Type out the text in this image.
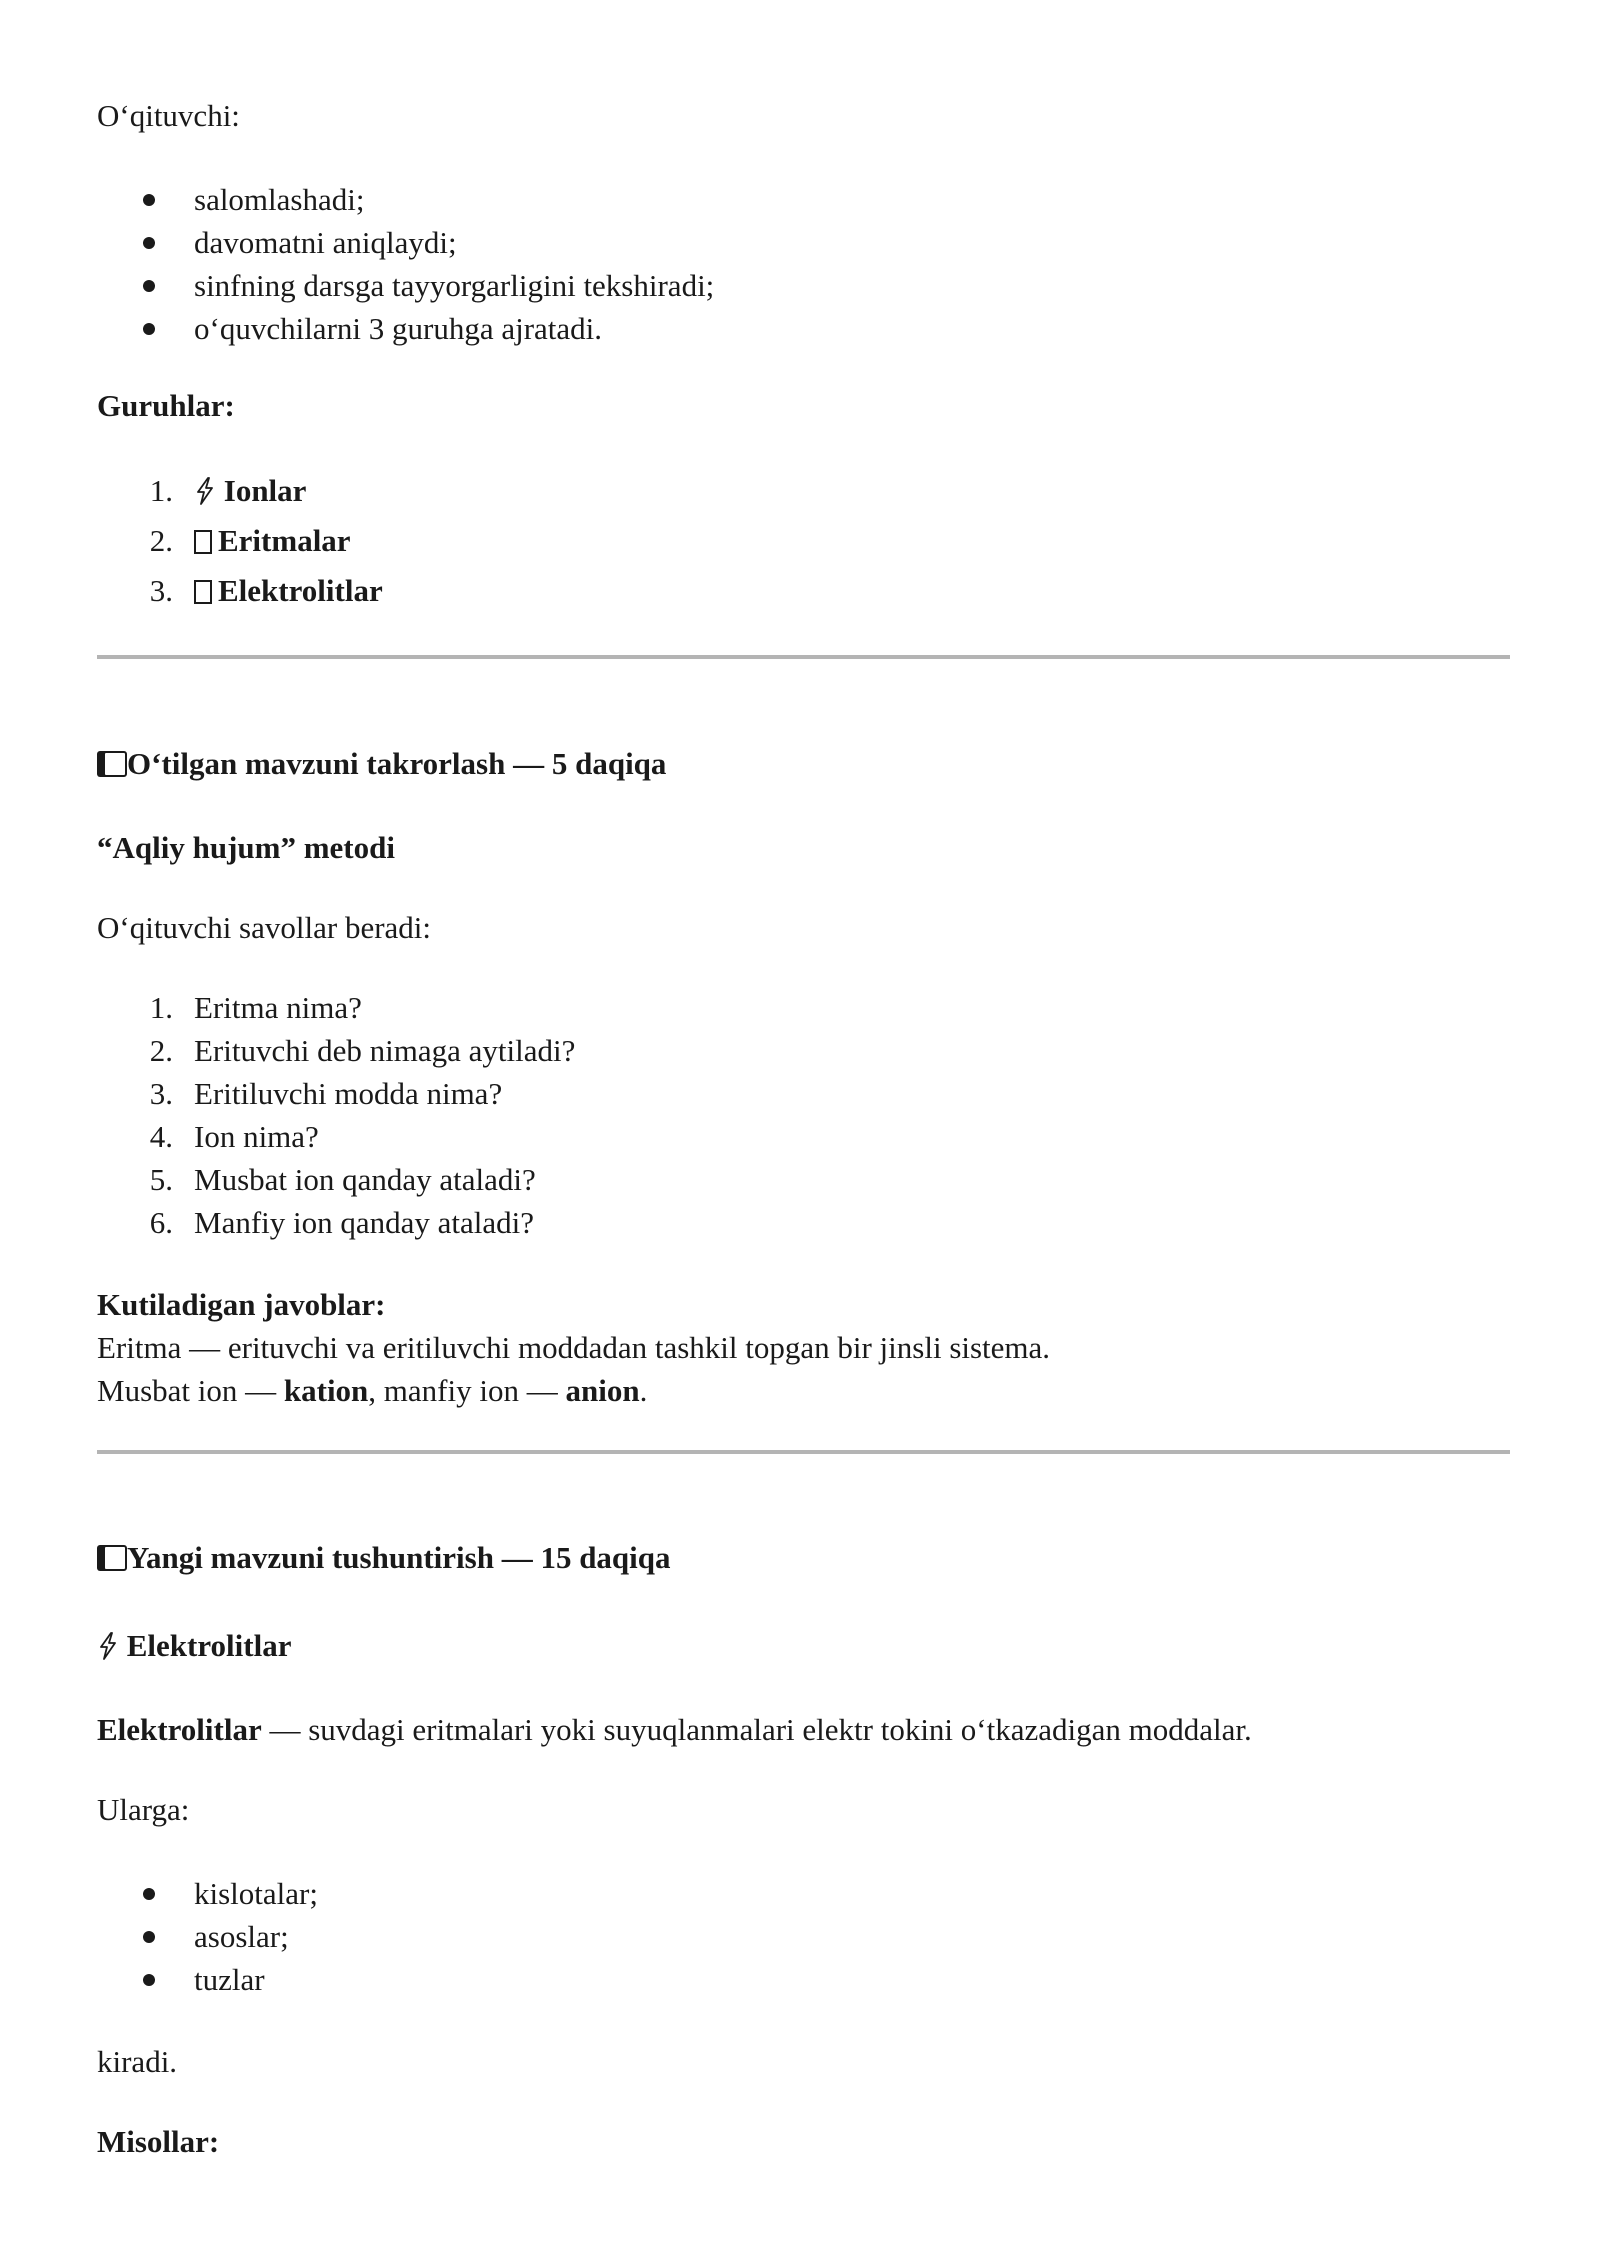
O‘qituvchi:
salomlashadi;
davomatni aniqlaydi;
sinfning darsga tayyorgarligini tekshiradi;
o‘quvchilarni 3 guruhga ajratadi.
Guruhlar:
1.	Ionlar
2.	Eritmalar
3.	Elektrolitlar
O‘tilgan mavzuni takrorlash — 5 daqiqa
“Aqliy hujum” metodi
O‘qituvchi savollar beradi:
1. Eritma nima?
2. Erituvchi deb nimaga aytiladi?
3. Eritiluvchi modda nima?
4. Ion nima?
5. Musbat ion qanday ataladi?
6. Manfiy ion qanday ataladi?
Kutiladigan javoblar:
Eritma — erituvchi va eritiluvchi moddadan tashkil topgan bir jinsli sistema.
Musbat ion — kation, manfiy ion — anion.
Yangi mavzuni tushuntirish — 15 daqiqa
Elektrolitlar
Elektrolitlar — suvdagi eritmalari yoki suyuqlanmalari elektr tokini o‘tkazadigan moddalar.
Ularga:
kislotalar;
asoslar;
tuzlar
kiradi.
Misollar:
